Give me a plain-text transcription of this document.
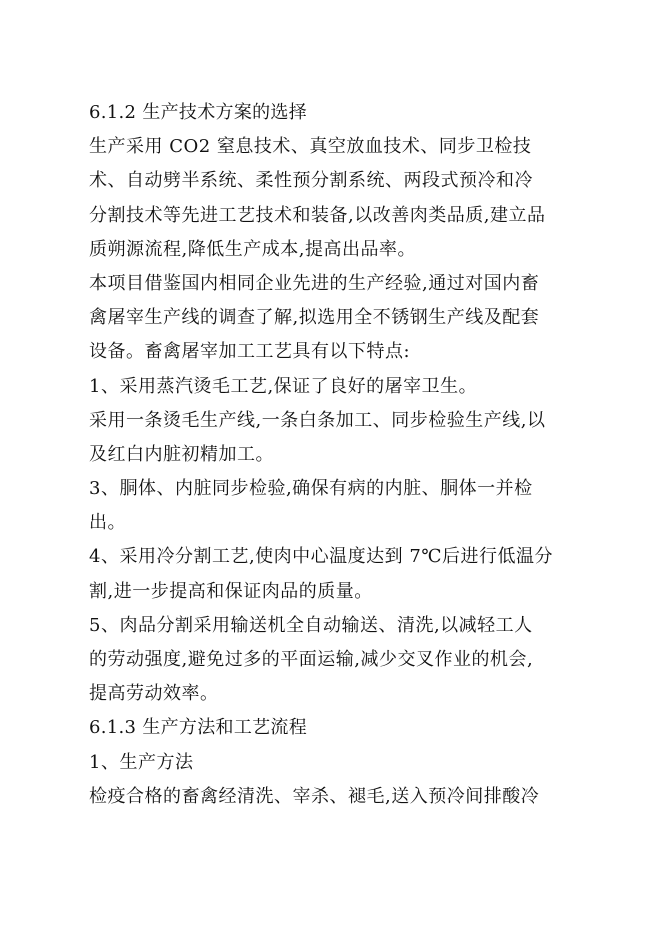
6.1.2 生产技术方案的选择
生产采用 CO2 窒息技术、真空放血技术、同步卫检技
术、自动劈半系统、柔性预分割系统、两段式预冷和冷
分割技术等先进工艺技术和装备,以改善肉类品质,建立品
质朔源流程,降低生产成本,提高出品率。
本项目借鉴国内相同企业先进的生产经验,通过对国内畜
禽屠宰生产线的调查了解,拟选用全不锈钢生产线及配套
设备。畜禽屠宰加工工艺具有以下特点:
1、采用蒸汽烫毛工艺,保证了良好的屠宰卫生。
采用一条烫毛生产线,一条白条加工、同步检验生产线,以
及红白内脏初精加工。
3、胴体、内脏同步检验,确保有病的内脏、胴体一并检
出。
4、采用冷分割工艺,使肉中心温度达到 7℃后进行低温分
割,进一步提高和保证肉品的质量。
5、肉品分割采用输送机全自动输送、清洗,以减轻工人
的劳动强度,避免过多的平面运输,减少交叉作业的机会,
提高劳动效率。
6.1.3 生产方法和工艺流程
1、生产方法
检疫合格的畜禽经清洗、宰杀、褪毛,送入预冷间排酸冷
